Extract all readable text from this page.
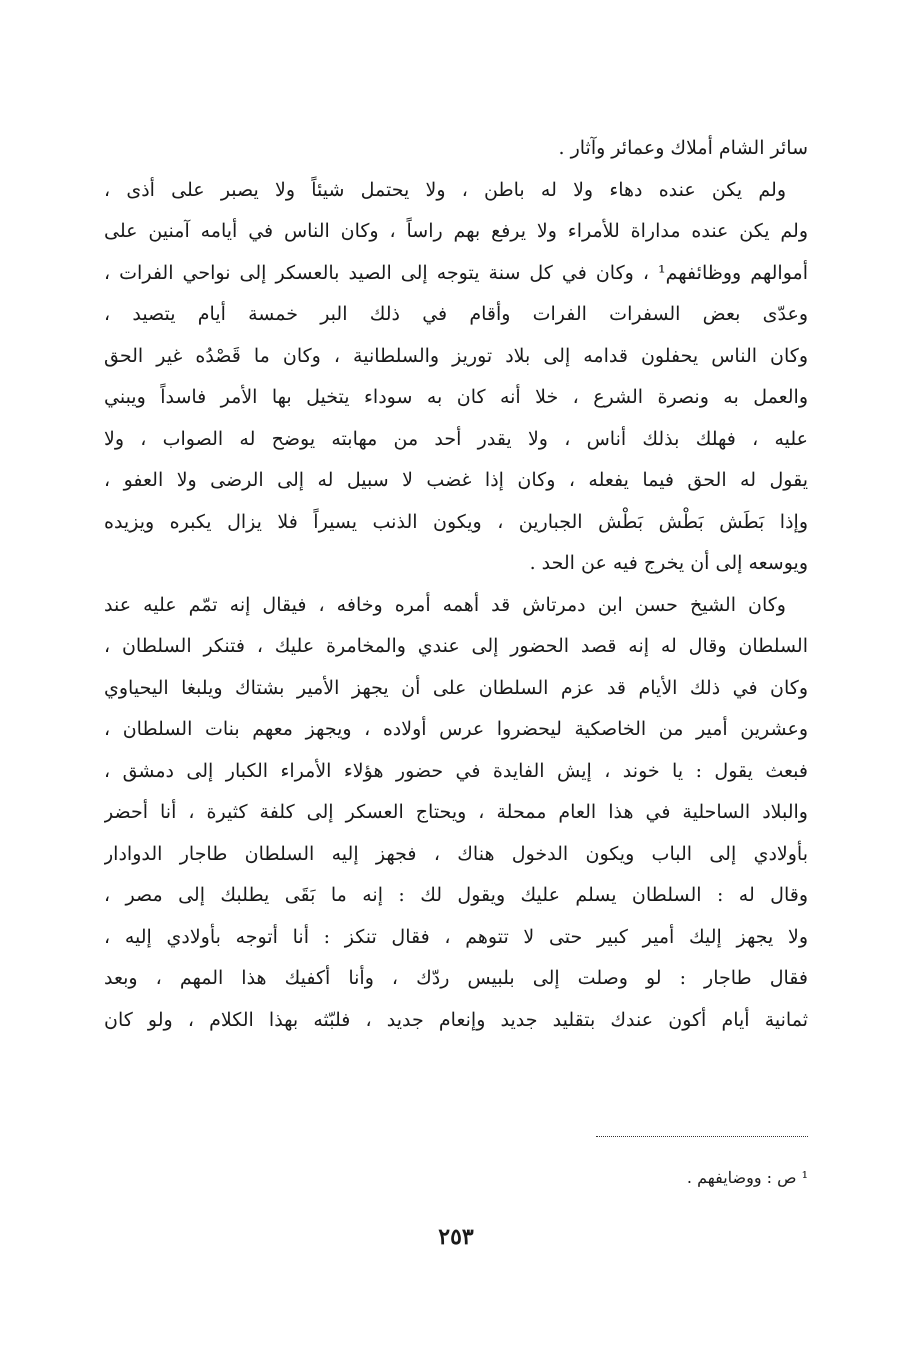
سائر الشام أملاك وعمائر وآثار .
ولم يكن عنده دهاء ولا له باطن ، ولا يحتمل شيئاً ولا يصبر على أذى ،
ولم يكن عنده مداراة للأمراء ولا يرفع بهم راساً ، وكان الناس في أيامه آمنين على
أموالهم ووظائفهم¹ ، وكان في كل سنة يتوجه إلى الصيد بالعسكر إلى نواحي الفرات ،
وعدّى بعض السفرات الفرات وأقام في ذلك البر خمسة أيام يتصيد ،
وكان الناس يحفلون قدامه إلى بلاد توريز والسلطانية ، وكان ما قَصْدُه غير الحق
والعمل به ونصرة الشرع ، خلا أنه كان به سوداء يتخيل بها الأمر فاسداً ويبني
عليه ، فهلك بذلك أناس ، ولا يقدر أحد من مهابته يوضح له الصواب ، ولا
يقول له الحق فيما يفعله ، وكان إذا غضب لا سبيل له إلى الرضى ولا العفو ،
وإذا بَطَش بَطْش بَطْش الجبارين ، ويكون الذنب يسيراً فلا يزال يكبره ويزيده
ويوسعه إلى أن يخرج فيه عن الحد .
وكان الشيخ حسن ابن دمرتاش قد أهمه أمره وخافه ، فيقال إنه تمّم عليه عند
السلطان وقال له إنه قصد الحضور إلى عندي والمخامرة عليك ، فتنكر السلطان ،
وكان في ذلك الأيام قد عزم السلطان على أن يجهز الأمير بشتاك ويلبغا اليحياوي
وعشرين أمير من الخاصكية ليحضروا عرس أولاده ، ويجهز معهم بنات السلطان ،
فبعث يقول : يا خوند ، إيش الفايدة في حضور هؤلاء الأمراء الكبار إلى دمشق ،
والبلاد الساحلية في هذا العام ممحلة ، ويحتاج العسكر إلى كلفة كثيرة ، أنا أحضر
بأولادي إلى الباب ويكون الدخول هناك ، فجهز إليه السلطان طاجار الدوادار
وقال له : السلطان يسلم عليك ويقول لك : إنه ما بَقَى يطلبك إلى مصر ،
ولا يجهز إليك أمير كبير حتى لا تتوهم ، فقال تنكز : أنا أتوجه بأولادي إليه ،
فقال طاجار : لو وصلت إلى بلبيس ردّك ، وأنا أكفيك هذا المهم ، وبعد
ثمانية أيام أكون عندك بتقليد جديد وإنعام جديد ، فلبّثه بهذا الكلام ، ولو كان
¹ ص : ووضايفهم .
٢٥٣
